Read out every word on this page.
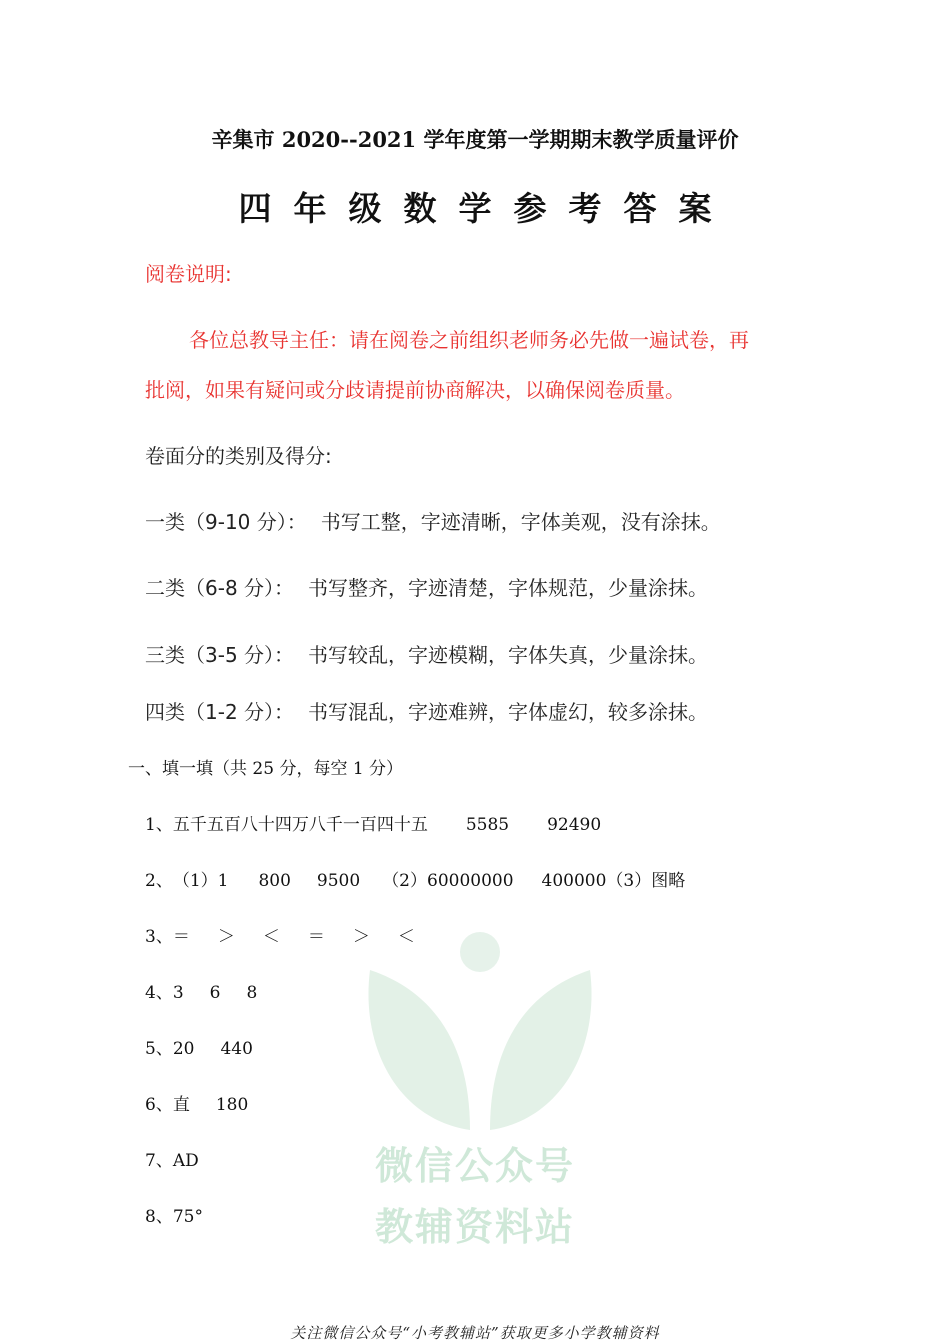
微信公众号
教辅资料站
辛集市 2020--2021 学年度第一学期期末教学质量评价
四年级数学参考答案
阅卷说明:
各位总教导主任：请在阅卷之前组织老师务必先做一遍试卷，再
批阅，如果有疑问或分歧请提前协商解决，以确保阅卷质量。
卷面分的类别及得分:
一类（9-10 分）： 书写工整，字迹清晰，字体美观，没有涂抹。
二类（6-8 分）： 书写整齐，字迹清楚，字体规范，少量涂抹。
三类（3-5 分）： 书写较乱，字迹模糊，字体失真，少量涂抹。
四类（1-2 分）： 书写混乱，字迹难辨，字体虚幻，较多涂抹。
一、填一填（共 25 分，每空 1 分）
1、五千五百八十四万八千一百四十五 5585 92490
2、（1）1 800 9500 （2）60000000 400000（3）图略
3、＝ ＞ ＜ ＝ ＞ ＜
4、3 6 8
5、20 440
6、直 180
7、AD
8、75°
关注微信公众号“小考教辅站”获取更多小学教辅资料
